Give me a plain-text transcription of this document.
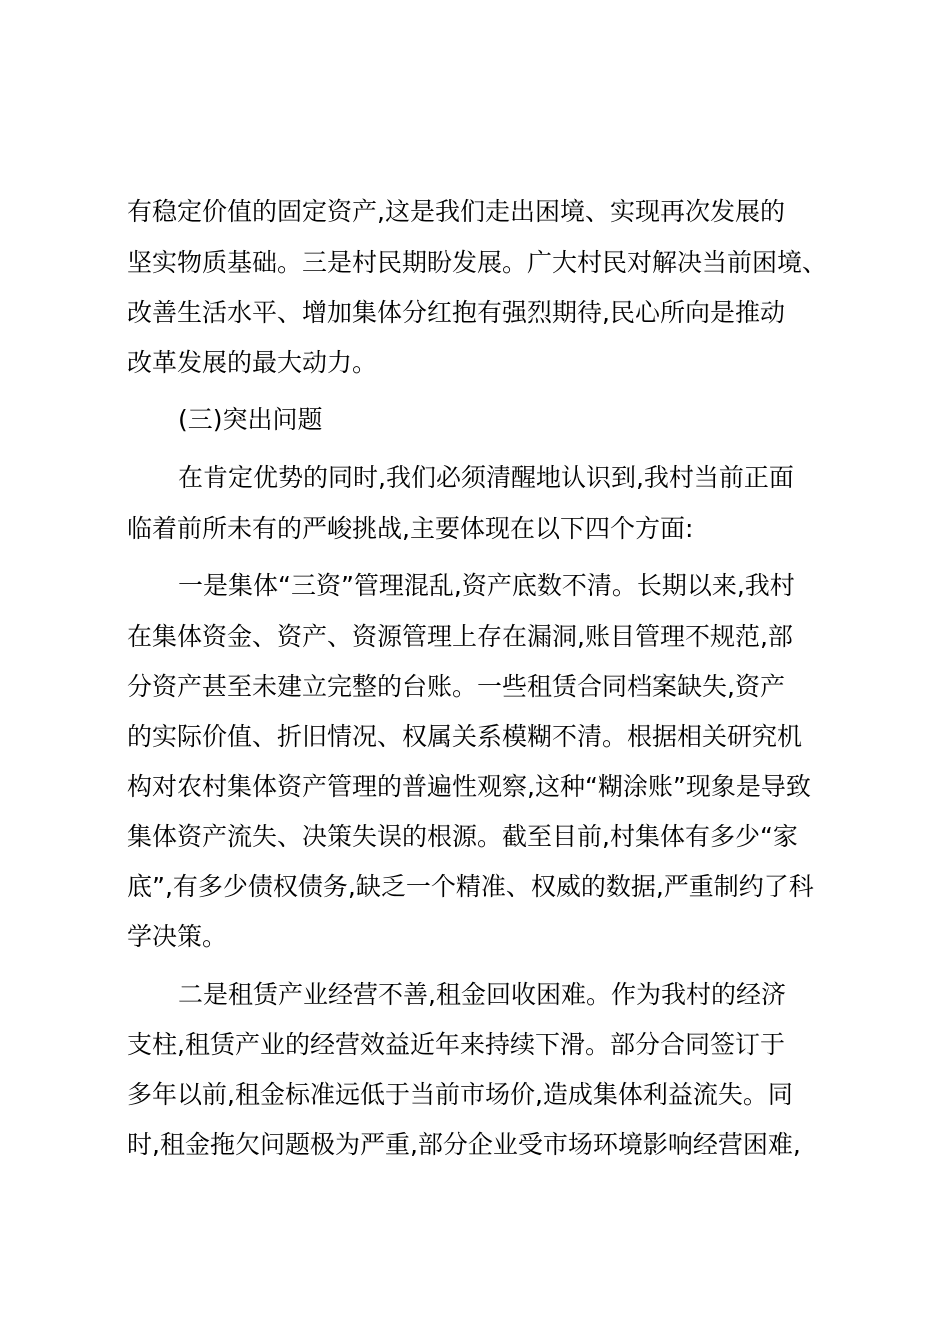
有稳定价值的固定资产,这是我们走出困境、实现再次发展的
坚实物质基础。三是村民期盼发展。广大村民对解决当前困境、
改善生活水平、增加集体分红抱有强烈期待,民心所向是推动
改革发展的最大动力。
(三)突出问题
在肯定优势的同时,我们必须清醒地认识到,我村当前正面
临着前所未有的严峻挑战,主要体现在以下四个方面:
一是集体“三资”管理混乱,资产底数不清。长期以来,我村
在集体资金、资产、资源管理上存在漏洞,账目管理不规范,部
分资产甚至未建立完整的台账。一些租赁合同档案缺失,资产
的实际价值、折旧情况、权属关系模糊不清。根据相关研究机
构对农村集体资产管理的普遍性观察,这种“糊涂账”现象是导致
集体资产流失、决策失误的根源。截至目前,村集体有多少“家
底”,有多少债权债务,缺乏一个精准、权威的数据,严重制约了科
学决策。
二是租赁产业经营不善,租金回收困难。作为我村的经济
支柱,租赁产业的经营效益近年来持续下滑。部分合同签订于
多年以前,租金标准远低于当前市场价,造成集体利益流失。同
时,租金拖欠问题极为严重,部分企业受市场环境影响经营困难,
